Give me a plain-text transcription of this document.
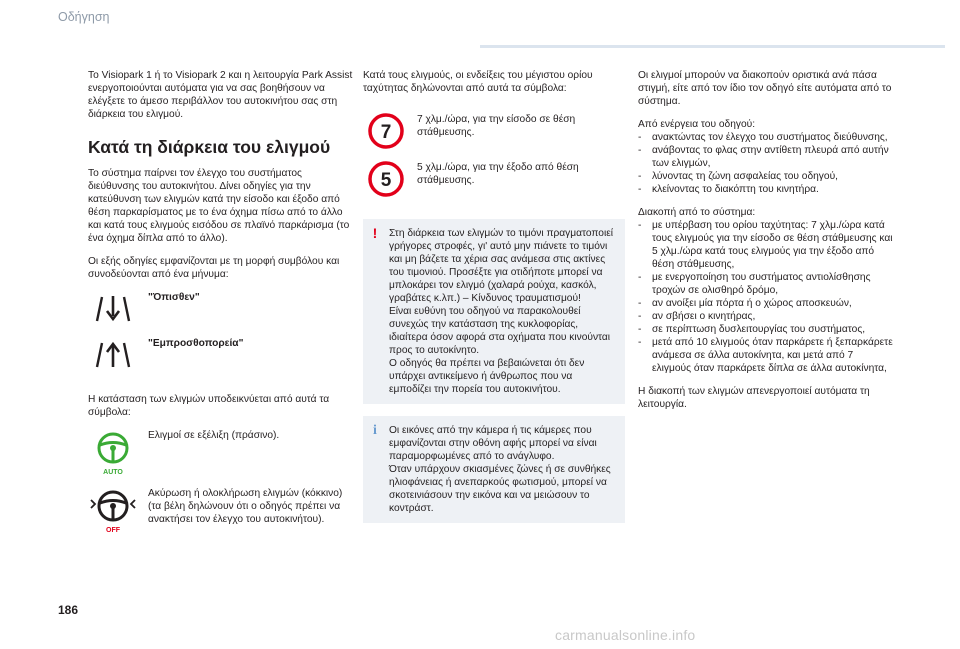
Οδήγηση

Το Visiopark 1 ή το Visiopark 2 και η λειτουργία Park Assist ενεργοποιούνται αυτόματα για να σας βοηθήσουν να ελέγξετε το άμεσο περιβάλλον του αυτοκινήτου σας στη διάρκεια του ελιγμού.

Κατά τη διάρκεια του ελιγμού

Το σύστημα παίρνει τον έλεγχο του συστήματος διεύθυνσης του αυτοκινήτου. Δίνει οδηγίες για την κατεύθυνση των ελιγμών κατά την είσοδο και έξοδο από θέση παρκαρίσματος με το ένα όχημα πίσω από το άλλο και κατά τους ελιγμούς εισόδου σε πλαϊνό παρκάρισμα (το ένα όχημα δίπλα από το άλλο).

Οι εξής οδηγίες εμφανίζονται με τη μορφή συμβόλου και συνοδεύονται από ένα μήνυμα:

"Όπισθεν"
"Εμπροσθοπορεία"

Η κατάσταση των ελιγμών υποδεικνύεται από αυτά τα σύμβολα:

AUTO
Ελιγμοί σε εξέλιξη (πράσινο).
OFF
Ακύρωση ή ολοκλήρωση ελιγμών (κόκκινο) (τα βέλη δηλώνουν ότι ο οδηγός πρέπει να ανακτήσει τον έλεγχο του αυτοκινήτου).

Κατά τους ελιγμούς, οι ενδείξεις του μέγιστου ορίου ταχύτητας δηλώνονται από αυτά τα σύμβολα:

7
7 χλμ./ώρα, για την είσοδο σε θέση στάθμευσης.
5
5 χλμ./ώρα, για την έξοδο από θέση στάθμευσης.
!	Στη διάρκεια των ελιγμών το τιμόνι πραγματοποιεί γρήγορες στροφές, γι' αυτό μην πιάνετε το τιμόνι και μη βάζετε τα χέρια σας ανάμεσα στις ακτίνες του τιμονιού. Προσέξτε για οτιδήποτε μπορεί να μπλοκάρει τον ελιγμό (χαλαρά ρούχα, κασκόλ, γραβάτες κ.λπ.) – Κίνδυνος τραυματισμού!

Είναι ευθύνη του οδηγού να παρακολουθεί συνεχώς την κατάσταση της κυκλοφορίας, ιδιαίτερα όσον αφορά στα οχήματα που κινούνται προς το αυτοκίνητο.

Ο οδηγός θα πρέπει να βεβαιώνεται ότι δεν υπάρχει αντικείμενο ή άνθρωπος που να εμποδίζει την πορεία του αυτοκινήτου.

i	Οι εικόνες από την κάμερα ή τις κάμερες που εμφανίζονται στην οθόνη αφής μπορεί να είναι παραμορφωμένες από το ανάγλυφο.

Όταν υπάρχουν σκιασμένες ζώνες ή σε συνθήκες ηλιοφάνειας ή ανεπαρκούς φωτισμού, μπορεί να σκοτεινιάσουν την εικόνα και να μειώσουν το κοντράστ.

Οι ελιγμοί μπορούν να διακοπούν οριστικά ανά πάσα στιγμή, είτε από τον ίδιο τον οδηγό είτε αυτόματα από το σύστημα.

Από ενέργεια του οδηγού:

-	ανακτώντας τον έλεγχο του συστήματος διεύθυνσης,
-	ανάβοντας το φλας στην αντίθετη πλευρά από αυτήν των ελιγμών,
-	λύνοντας τη ζώνη ασφαλείας του οδηγού,
-	κλείνοντας το διακόπτη του κινητήρα.

Διακοπή από το σύστημα:

-	με υπέρβαση του ορίου ταχύτητας: 7 χλμ./ώρα κατά τους ελιγμούς για την είσοδο σε θέση στάθμευσης και 5 χλμ./ώρα κατά τους ελιγμούς για την έξοδο από θέση στάθμευσης,
-	με ενεργοποίηση του συστήματος αντιολίσθησης τροχών σε ολισθηρό δρόμο,
-	αν ανοίξει μία πόρτα ή ο χώρος αποσκευών,
-	αν σβήσει ο κινητήρας,
-	σε περίπτωση δυσλειτουργίας του συστήματος,
-	μετά από 10 ελιγμούς όταν παρκάρετε ή ξεπαρκάρετε ανάμεσα σε άλλα αυτοκίνητα, και μετά από 7 ελιγμούς όταν παρκάρετε δίπλα σε άλλα αυτοκίνητα,

Η διακοπή των ελιγμών απενεργοποιεί αυτόματα τη λειτουργία.

186
carmanualsonline.info
